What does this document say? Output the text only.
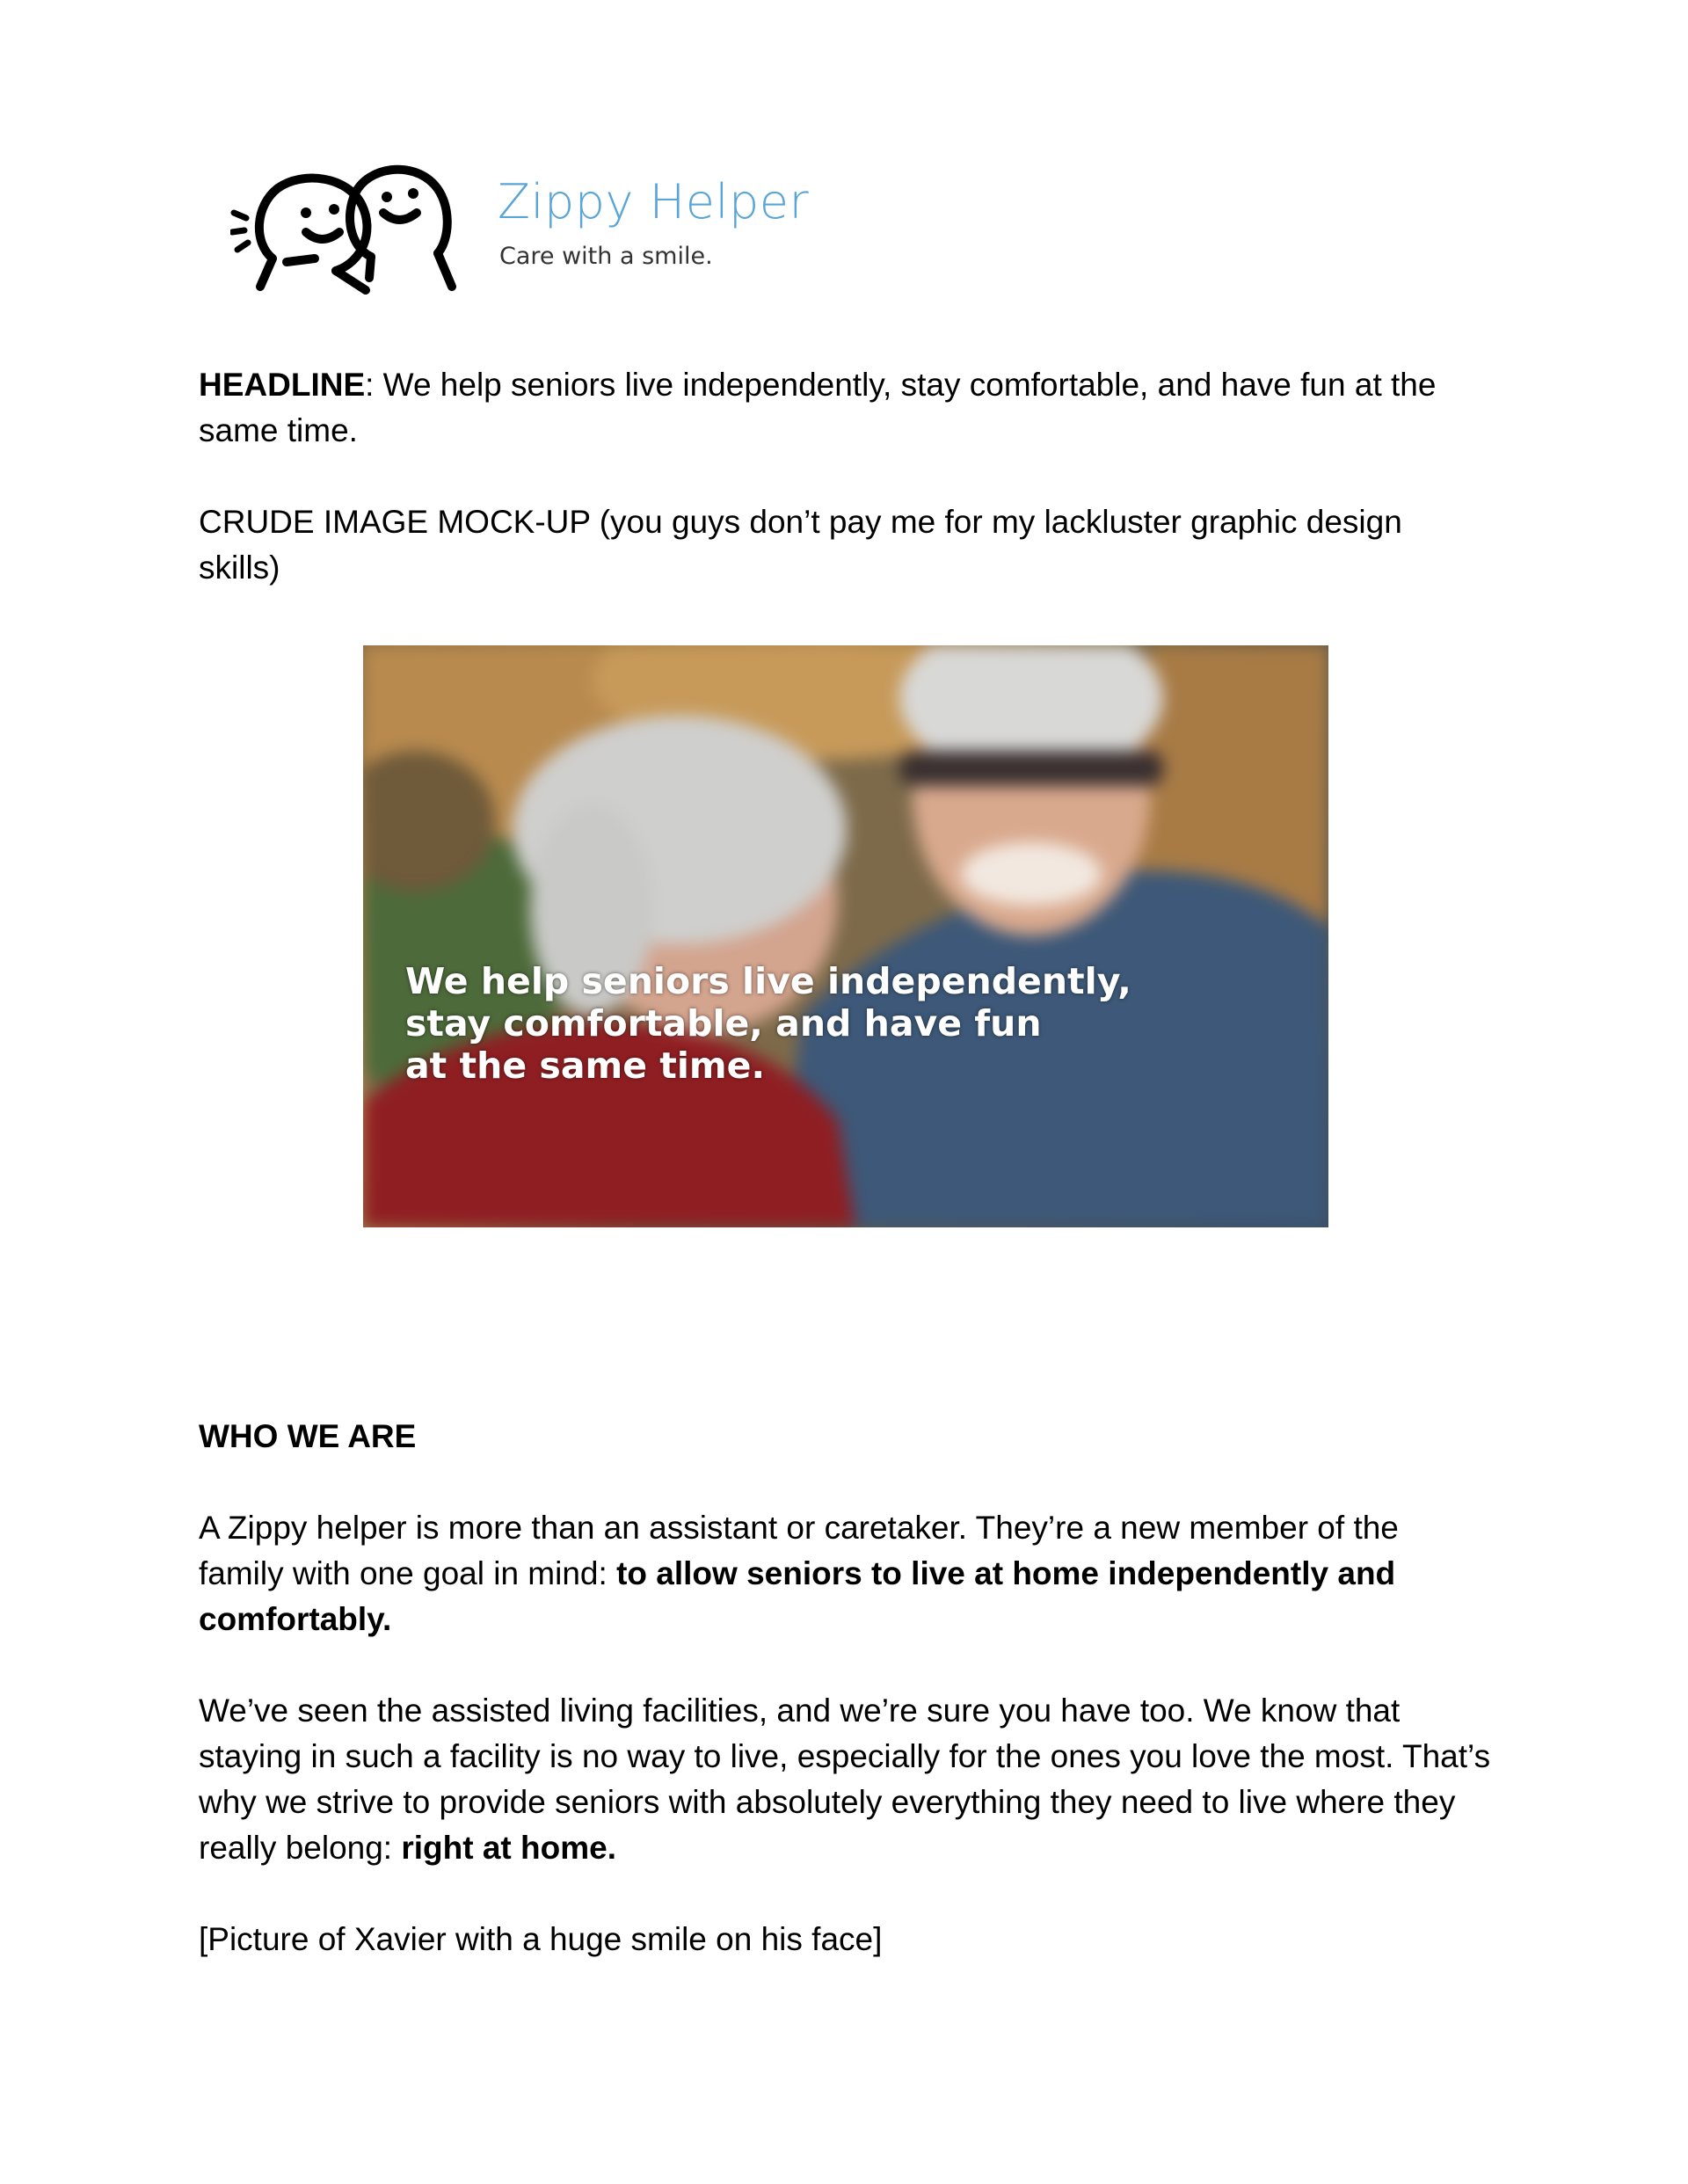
Zippy Helper
Care with a smile.

HEADLINE: We help seniors live independently, stay comfortable, and have fun at the same time.

CRUDE IMAGE MOCK-UP (you guys don’t pay me for my lackluster graphic design skills)

We help seniors live independently,
stay comfortable, and have fun
at the same time.

WHO WE ARE

A Zippy helper is more than an assistant or caretaker. They’re a new member of the family with one goal in mind: to allow seniors to live at home independently and comfortably.

We’ve seen the assisted living facilities, and we’re sure you have too. We know that staying in such a facility is no way to live, especially for the ones you love the most. That’s why we strive to provide seniors with absolutely everything they need to live where they really belong: right at home.

[Picture of Xavier with a huge smile on his face]
